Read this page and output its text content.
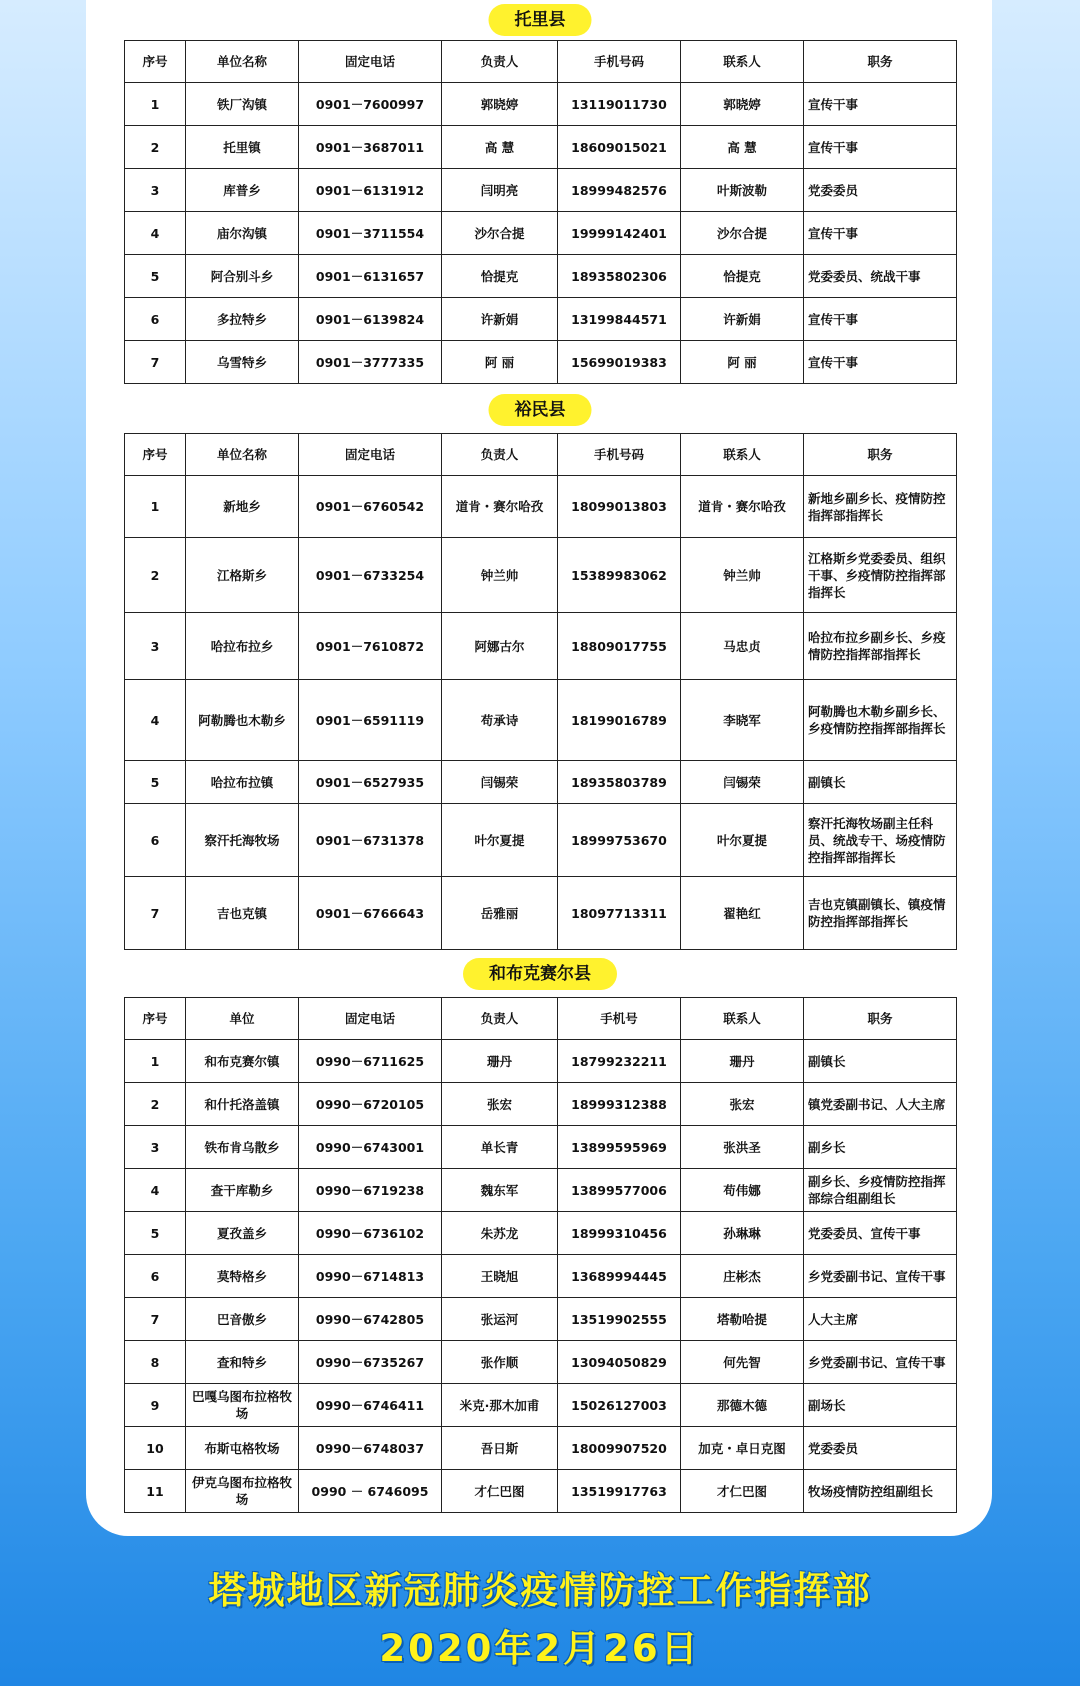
托里县
序号	单位名称	固定电话	负责人	手机号码	联系人	职务
1	铁厂沟镇	0901－7600997	郭晓婷	13119011730	郭晓婷	宣传干事
2	托里镇	0901－3687011	高 慧	18609015021	高 慧	宣传干事
3	库普乡	0901－6131912	闫明亮	18999482576	叶斯波勒	党委委员
4	庙尔沟镇	0901－3711554	沙尔合提	19999142401	沙尔合提	宣传干事
5	阿合别斗乡	0901－6131657	恰提克	18935802306	恰提克	党委委员、统战干事
6	多拉特乡	0901－6139824	许新娟	13199844571	许新娟	宣传干事
7	乌雪特乡	0901－3777335	阿 丽	15699019383	阿 丽	宣传干事
裕民县
序号	单位名称	固定电话	负责人	手机号码	联系人	职务
1	新地乡	0901－6760542	道肯・赛尔哈孜	18099013803	道肯・赛尔哈孜	新地乡副乡长、疫情防控指挥部指挥长
2	江格斯乡	0901－6733254	钟兰帅	15389983062	钟兰帅	江格斯乡党委委员、组织干事、乡疫情防控指挥部指挥长
3	哈拉布拉乡	0901－7610872	阿娜古尔	18809017755	马忠贞	哈拉布拉乡副乡长、乡疫情防控指挥部指挥长
4	阿勒腾也木勒乡	0901－6591119	苟承诗	18199016789	李晓军	阿勒腾也木勒乡副乡长、乡疫情防控指挥部指挥长
5	哈拉布拉镇	0901－6527935	闫锡荣	18935803789	闫锡荣	副镇长
6	察汗托海牧场	0901－6731378	叶尔夏提	18999753670	叶尔夏提	察汗托海牧场副主任科员、统战专干、场疫情防控指挥部指挥长
7	吉也克镇	0901－6766643	岳雅丽	18097713311	翟艳红	吉也克镇副镇长、镇疫情防控指挥部指挥长
和布克赛尔县
序号	单位	固定电话	负责人	手机号	联系人	职务
1	和布克赛尔镇	0990－6711625	珊丹	18799232211	珊丹	副镇长
2	和什托洛盖镇	0990－6720105	张宏	18999312388	张宏	镇党委副书记、人大主席
3	铁布肯乌散乡	0990－6743001	单长青	13899595969	张洪圣	副乡长
4	查干库勒乡	0990－6719238	魏东军	13899577006	苟伟娜	副乡长、乡疫情防控指挥部综合组副组长
5	夏孜盖乡	0990－6736102	朱苏龙	18999310456	孙琳琳	党委委员、宣传干事
6	莫特格乡	0990－6714813	王晓旭	13689994445	庄彬杰	乡党委副书记、宣传干事
7	巴音傲乡	0990－6742805	张运河	13519902555	塔勒哈提	人大主席
8	查和特乡	0990－6735267	张作顺	13094050829	何先智	乡党委副书记、宣传干事
9	巴嘎乌图布拉格牧场	0990－6746411	米克·那木加甫	15026127003	那德木德	副场长
10	布斯屯格牧场	0990－6748037	吾日斯	18009907520	加克・卓日克图	党委委员
11	伊克乌图布拉格牧场	0990 － 6746095	才仁巴图	13519917763	才仁巴图	牧场疫情防控组副组长
塔城地区新冠肺炎疫情防控工作指挥部
2020年2月26日
